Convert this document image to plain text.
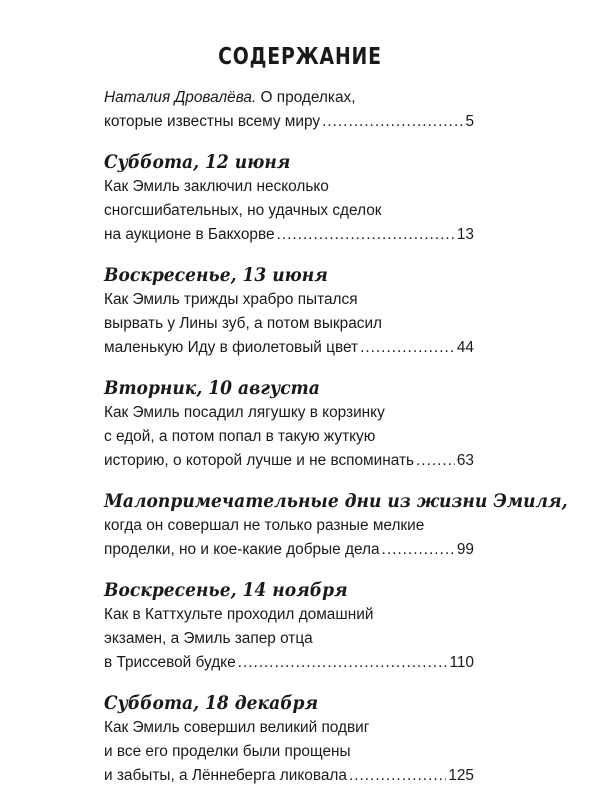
СОДЕРЖАНИЕ
Наталия Дровалёва. О проделках,
которые известны всему миру .....	5
Суббота, 12 июня
Как Эмиль заключил несколько
сногсшибательных, но удачных сделок
на аукционе в Бакхорве .....	13
Воскресенье, 13 июня
Как Эмиль трижды храбро пытался
вырвать у Лины зуб, а потом выкрасил
маленькую Иду в фиолетовый цвет .....	44
Вторник, 10 августа
Как Эмиль посадил лягушку в корзинку
с едой, а потом попал в такую жуткую
историю, о которой лучше и не вспоминать .....	63
Малопримечательные дни из жизни Эмиля,
когда он совершал не только разные мелкие
проделки, но и кое-какие добрые дела .....	99
Воскресенье, 14 ноября
Как в Каттхульте проходил домашний
экзамен, а Эмиль запер отца
в Триссевой будке .....	110
Суббота, 18 декабря
Как Эмиль совершил великий подвиг
и все его проделки были прощены
и забыты, а Лённеберга ликовала .....	125
